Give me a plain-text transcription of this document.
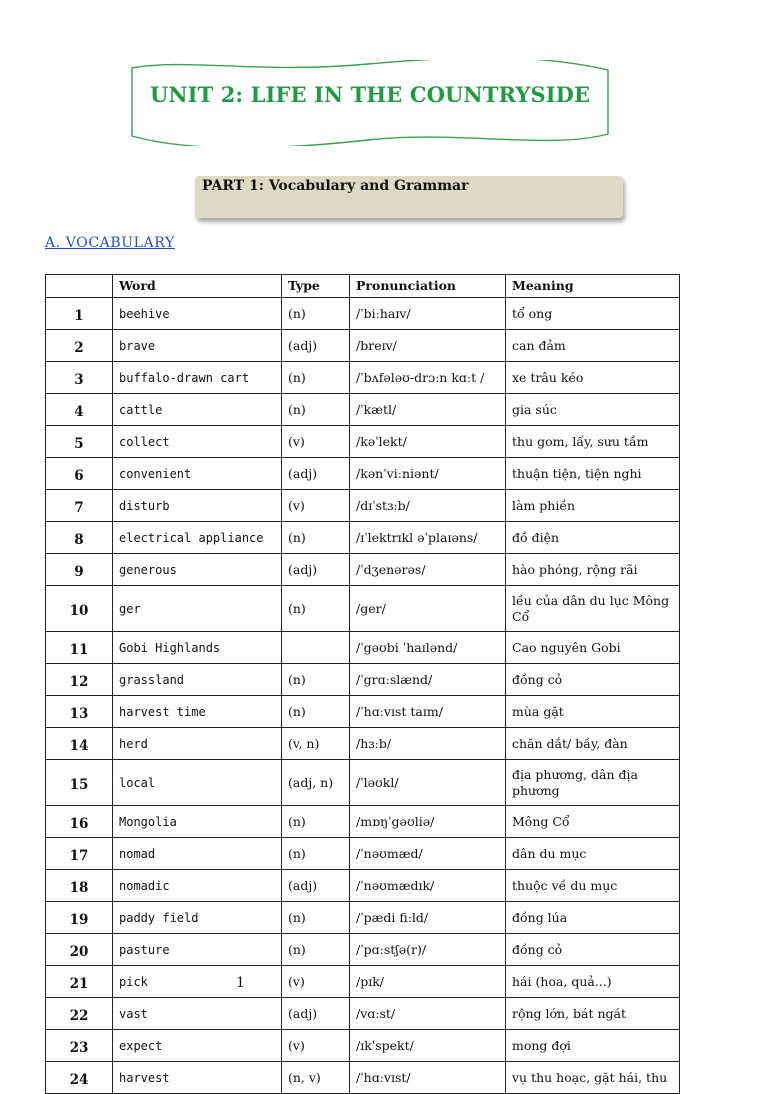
UNIT 2: LIFE IN THE COUNTRYSIDE
PART 1: Vocabulary and Grammar
A. VOCABULARY
	Word	Type	Pronunciation	Meaning
1	beehive	(n)	/ˈbiːhaɪv/	tổ ong
2	brave	(adj)	/breɪv/	can đảm
3	buffalo-drawn cart	(n)	/ˈbʌfələʊ-drɔːn kɑːt /	xe trâu kéo
4	cattle	(n)	/ˈkætl/	gia súc
5	collect	(v)	/kəˈlekt/	thu gom, lấy, sưu tầm
6	convenient	(adj)	/kənˈviːniənt/	thuận tiện, tiện nghi
7	disturb	(v)	/dɪˈstɜːb/	làm phiền
8	electrical appliance	(n)	/ɪˈlektrɪkl əˈplaɪəns/	đồ điện
9	generous	(adj)	/ˈdʒenərəs/	hào phóng, rộng rãi
10	ger	(n)	/ger/	lều của dân du lục Mông Cổ
11	Gobi Highlands		/ˈgəʊbi ˈhaɪlənd/	Cao nguyên Gobi
12	grassland	(n)	/ˈgrɑːslænd/	đồng cỏ
13	harvest time	(n)	/ˈhɑːvɪst taɪm/	mùa gặt
14	herd	(v, n)	/hɜːb/	chăn dắt/ bầy, đàn
15	local	(adj, n)	/ˈləʊkl/	địa phương, dân địa phương
16	Mongolia	(n)	/mɒŋˈgəʊliə/	Mông Cổ
17	nomad	(n)	/ˈnəʊmæd/	dân du mục
18	nomadic	(adj)	/ˈnəʊmædɪk/	thuộc về du mục
19	paddy field	(n)	/ˈpædi fiːld/	đồng lúa
20	pasture	(n)	/ˈpɑːstʃə(r)/	đồng cỏ
21	pick	(v)	/pɪk/	hái (hoa, quả...)
22	vast	(adj)	/vɑːst/	rộng lớn, bát ngát
23	expect	(v)	/ɪkˈspekt/	mong đợi
24	harvest	(n, v)	/ˈhɑːvɪst/	vụ thu hoạc, gặt hái, thu
1
